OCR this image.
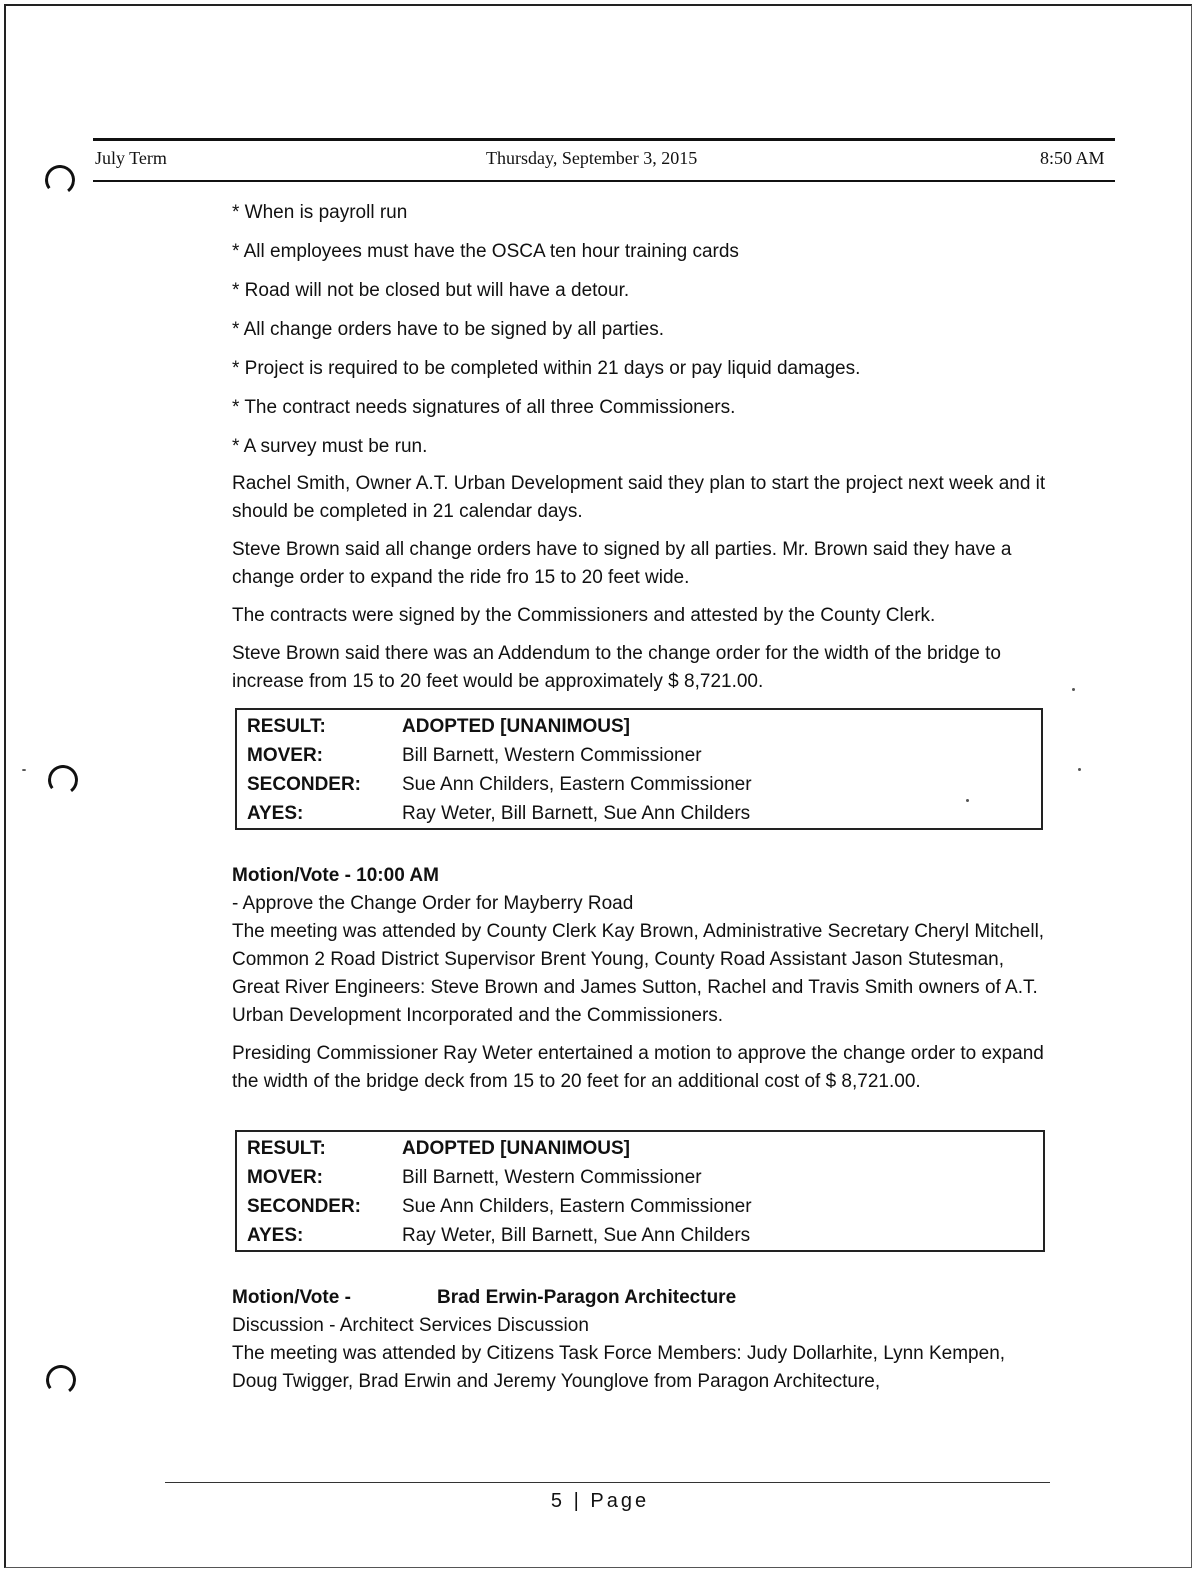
July Term	Thursday, September 3, 2015	8:50 AM

* When is payroll run

* All employees must have the OSCA ten hour training cards

* Road will not be closed but will have a detour.

* All change orders have to be signed by all parties.

* Project is required to be completed within 21 days or pay liquid damages.

* The contract needs signatures of all three Commissioners.

* A survey must be run.

Rachel Smith, Owner A.T. Urban Development said they plan to start the project next week and it should be completed in 21 calendar days.

Steve Brown said all change orders have to signed by all parties. Mr. Brown said they have a change order to expand the ride fro 15 to 20 feet wide.

The contracts were signed by the Commissioners and attested by the County Clerk.

Steve Brown said there was an Addendum to the change order for the width of the bridge to increase from 15 to 20 feet would be approximately $ 8,721.00.

RESULT:	ADOPTED [UNANIMOUS]
MOVER:	Bill Barnett, Western Commissioner
SECONDER:	Sue Ann Childers, Eastern Commissioner
AYES:	Ray Weter, Bill Barnett, Sue Ann Childers
Motion/Vote - 10:00 AM
- Approve the Change Order for Mayberry Road

The meeting was attended by County Clerk Kay Brown, Administrative Secretary Cheryl Mitchell, Common 2 Road District Supervisor Brent Young, County Road Assistant Jason Stutesman, Great River Engineers: Steve Brown and James Sutton, Rachel and Travis Smith owners of A.T. Urban Development Incorporated and the Commissioners.

Presiding Commissioner Ray Weter entertained a motion to approve the change order to expand the width of the bridge deck from 15 to 20 feet for an additional cost of $ 8,721.00.

RESULT:	ADOPTED [UNANIMOUS]
MOVER:	Bill Barnett, Western Commissioner
SECONDER:	Sue Ann Childers, Eastern Commissioner
AYES:	Ray Weter, Bill Barnett, Sue Ann Childers
Motion/Vote -	Brad Erwin-Paragon Architecture
Discussion - Architect Services Discussion

The meeting was attended by Citizens Task Force Members: Judy Dollarhite, Lynn Kempen, Doug Twigger, Brad Erwin and Jeremy Younglove from Paragon Architecture,

5 | Page
